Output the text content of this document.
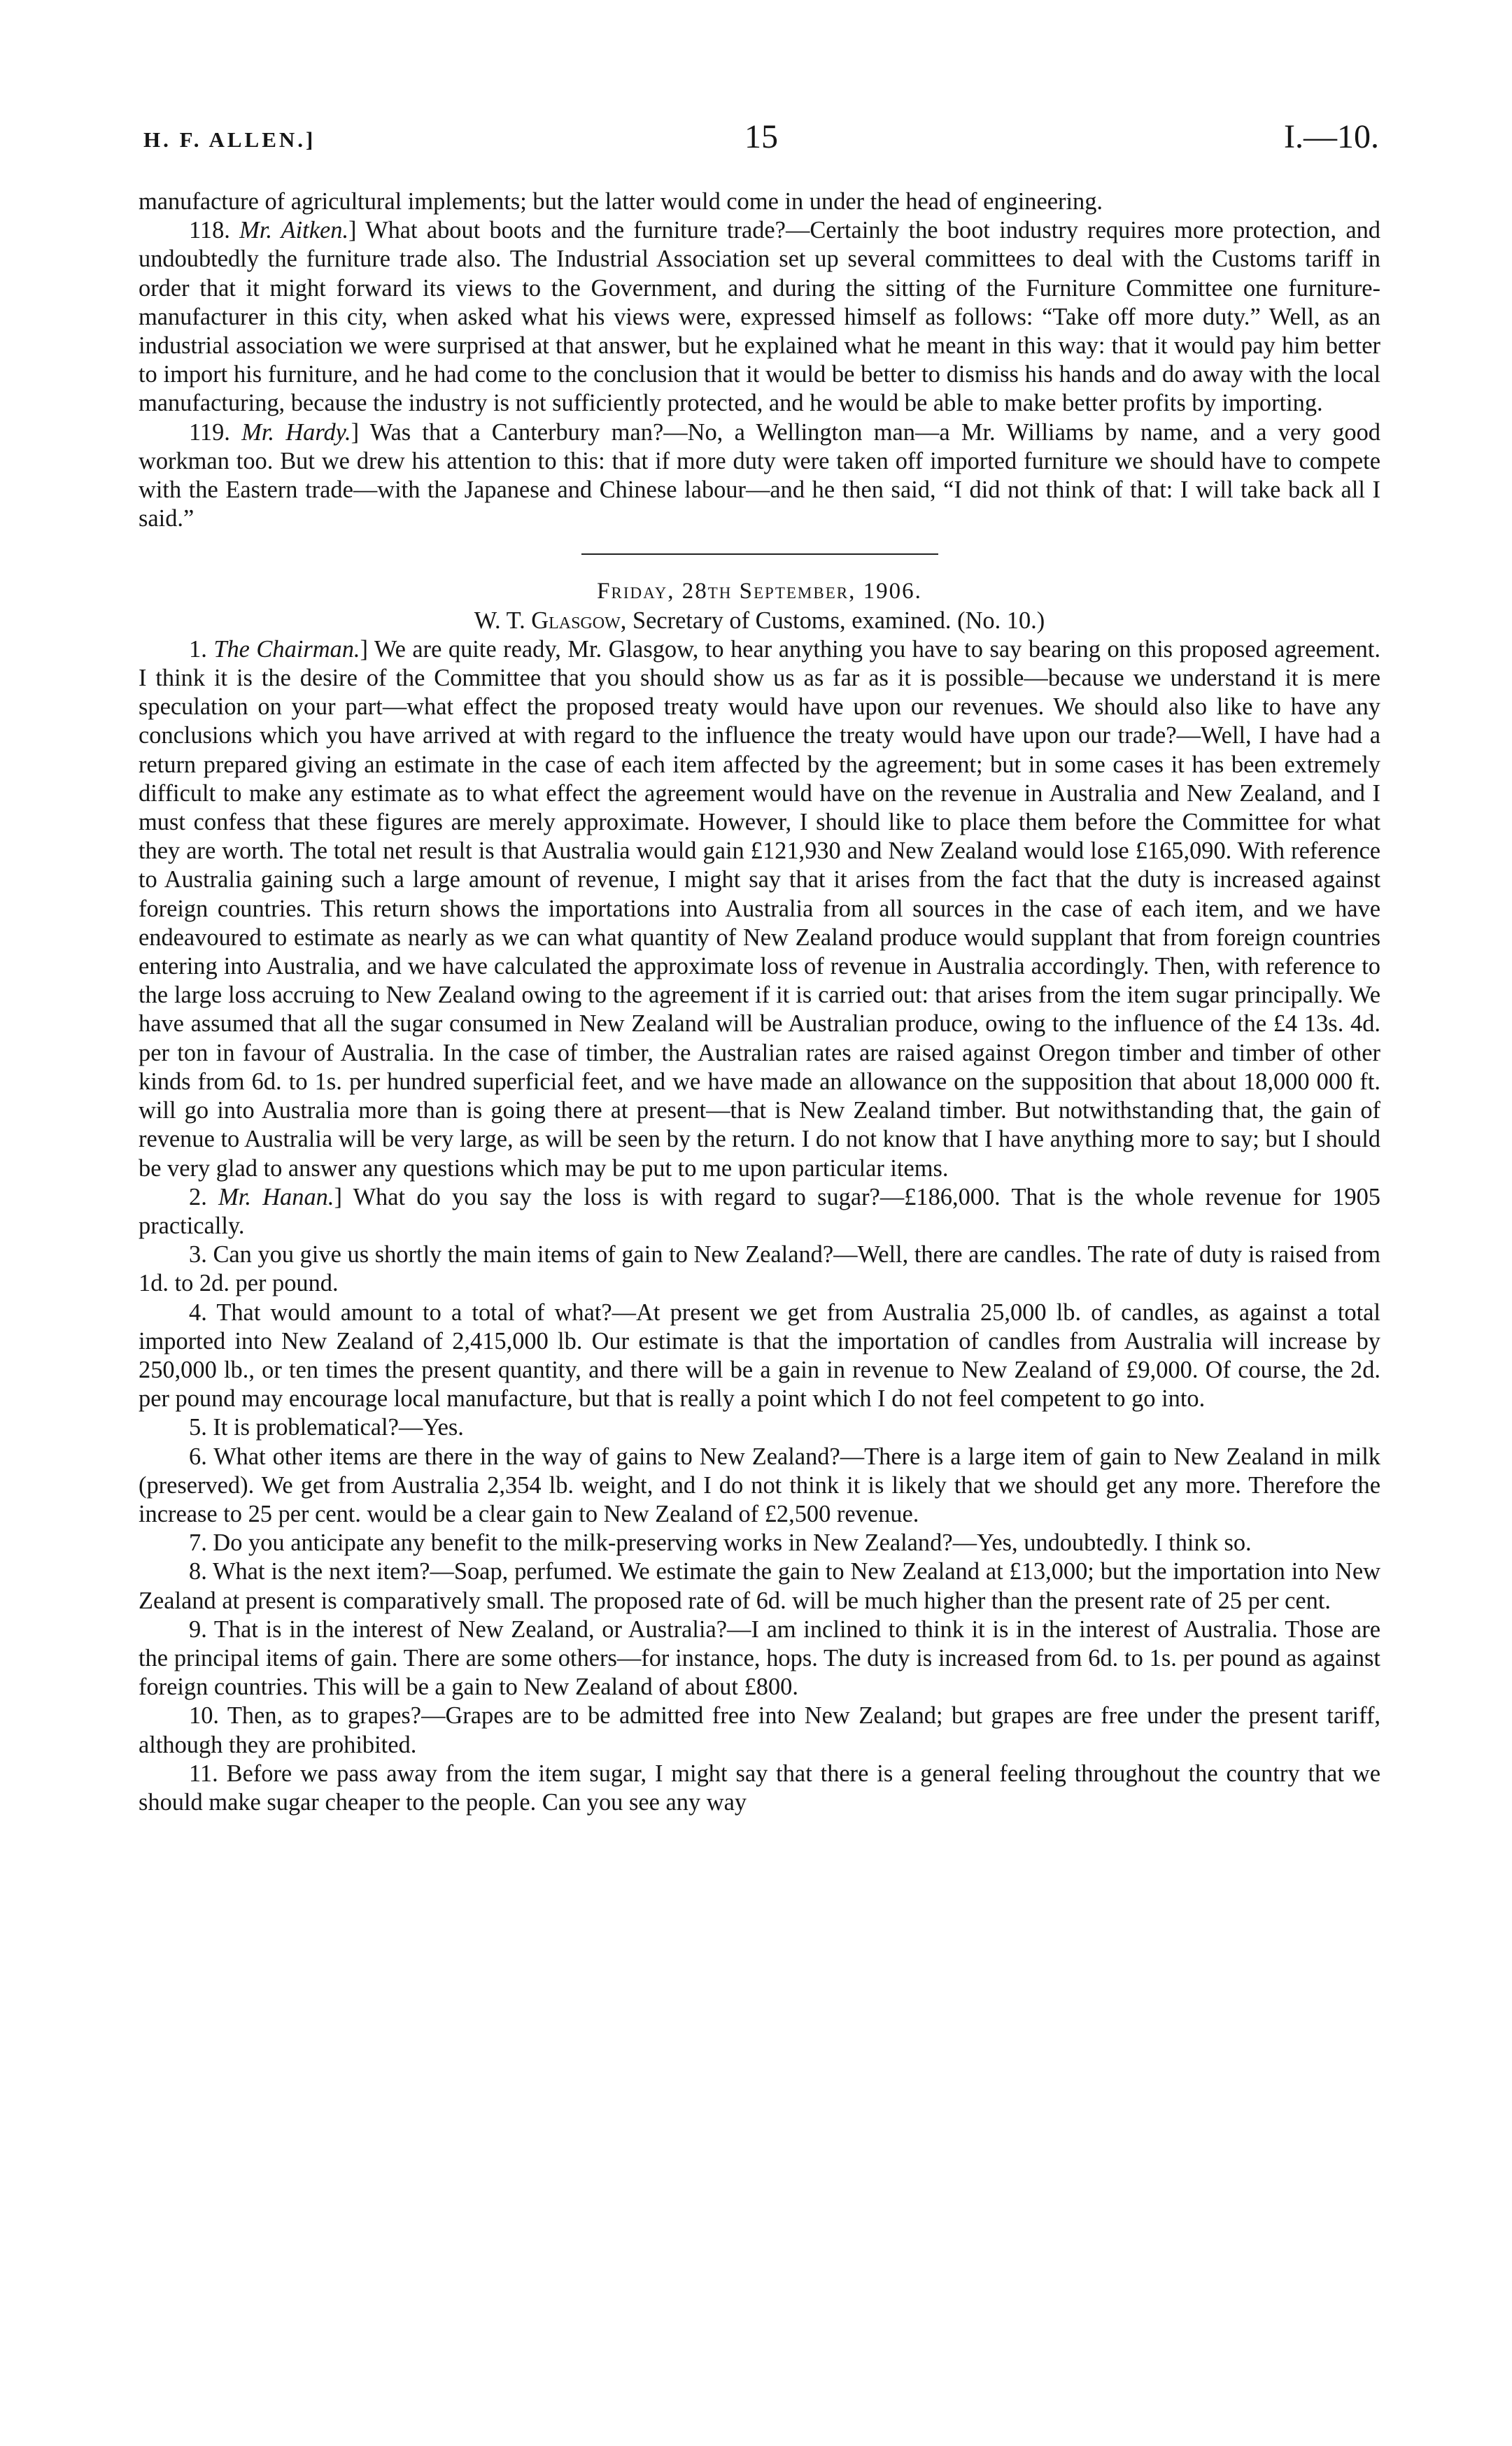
H. F. ALLEN.]	15	I.—10.

manufacture of agricultural implements; but the latter would come in under the head of engineering.

118. Mr. Aitken.] What about boots and the furniture trade?—Certainly the boot industry requires more protection, and undoubtedly the furniture trade also. The Industrial Association set up several committees to deal with the Customs tariff in order that it might forward its views to the Government, and during the sitting of the Furniture Committee one furniture-manufacturer in this city, when asked what his views were, expressed himself as follows: “Take off more duty.” Well, as an industrial association we were surprised at that answer, but he explained what he meant in this way: that it would pay him better to import his furniture, and he had come to the conclusion that it would be better to dismiss his hands and do away with the local manufacturing, because the industry is not sufficiently protected, and he would be able to make better profits by importing.

119. Mr. Hardy.] Was that a Canterbury man?—No, a Wellington man—a Mr. Williams by name, and a very good workman too. But we drew his attention to this: that if more duty were taken off imported furniture we should have to compete with the Eastern trade—with the Japanese and Chinese labour—and he then said, “I did not think of that: I will take back all I said.”

Friday, 28th September, 1906.
W. T. Glasgow, Secretary of Customs, examined. (No. 10.)

1. The Chairman.] We are quite ready, Mr. Glasgow, to hear anything you have to say bearing on this proposed agreement. I think it is the desire of the Committee that you should show us as far as it is possible—because we understand it is mere speculation on your part—what effect the proposed treaty would have upon our revenues. We should also like to have any conclusions which you have arrived at with regard to the influence the treaty would have upon our trade?—Well, I have had a return prepared giving an estimate in the case of each item affected by the agreement; but in some cases it has been extremely difficult to make any estimate as to what effect the agreement would have on the revenue in Australia and New Zealand, and I must confess that these figures are merely approximate. However, I should like to place them before the Committee for what they are worth. The total net result is that Australia would gain £121,930 and New Zealand would lose £165,090. With reference to Australia gaining such a large amount of revenue, I might say that it arises from the fact that the duty is increased against foreign countries. This return shows the importations into Australia from all sources in the case of each item, and we have endeavoured to estimate as nearly as we can what quantity of New Zealand produce would supplant that from foreign countries entering into Australia, and we have calculated the approximate loss of revenue in Australia accordingly. Then, with reference to the large loss accruing to New Zealand owing to the agreement if it is carried out: that arises from the item sugar principally. We have assumed that all the sugar consumed in New Zealand will be Australian produce, owing to the influence of the £4 13s. 4d. per ton in favour of Australia. In the case of timber, the Australian rates are raised against Oregon timber and timber of other kinds from 6d. to 1s. per hundred superficial feet, and we have made an allowance on the supposition that about 18,000 000 ft. will go into Australia more than is going there at present—that is New Zealand timber. But notwithstanding that, the gain of revenue to Australia will be very large, as will be seen by the return. I do not know that I have anything more to say; but I should be very glad to answer any questions which may be put to me upon particular items.

2. Mr. Hanan.] What do you say the loss is with regard to sugar?—£186,000. That is the whole revenue for 1905 practically.

3. Can you give us shortly the main items of gain to New Zealand?—Well, there are candles. The rate of duty is raised from 1d. to 2d. per pound.

4. That would amount to a total of what?—At present we get from Australia 25,000 lb. of candles, as against a total imported into New Zealand of 2,415,000 lb. Our estimate is that the importation of candles from Australia will increase by 250,000 lb., or ten times the present quantity, and there will be a gain in revenue to New Zealand of £9,000. Of course, the 2d. per pound may encourage local manufacture, but that is really a point which I do not feel competent to go into.

5. It is problematical?—Yes.

6. What other items are there in the way of gains to New Zealand?—There is a large item of gain to New Zealand in milk (preserved). We get from Australia 2,354 lb. weight, and I do not think it is likely that we should get any more. Therefore the increase to 25 per cent. would be a clear gain to New Zealand of £2,500 revenue.

7. Do you anticipate any benefit to the milk-preserving works in New Zealand?—Yes, undoubtedly. I think so.

8. What is the next item?—Soap, perfumed. We estimate the gain to New Zealand at £13,000; but the importation into New Zealand at present is comparatively small. The proposed rate of 6d. will be much higher than the present rate of 25 per cent.

9. That is in the interest of New Zealand, or Australia?—I am inclined to think it is in the interest of Australia. Those are the principal items of gain. There are some others—for instance, hops. The duty is increased from 6d. to 1s. per pound as against foreign countries. This will be a gain to New Zealand of about £800.

10. Then, as to grapes?—Grapes are to be admitted free into New Zealand; but grapes are free under the present tariff, although they are prohibited.

11. Before we pass away from the item sugar, I might say that there is a general feeling throughout the country that we should make sugar cheaper to the people. Can you see any way
